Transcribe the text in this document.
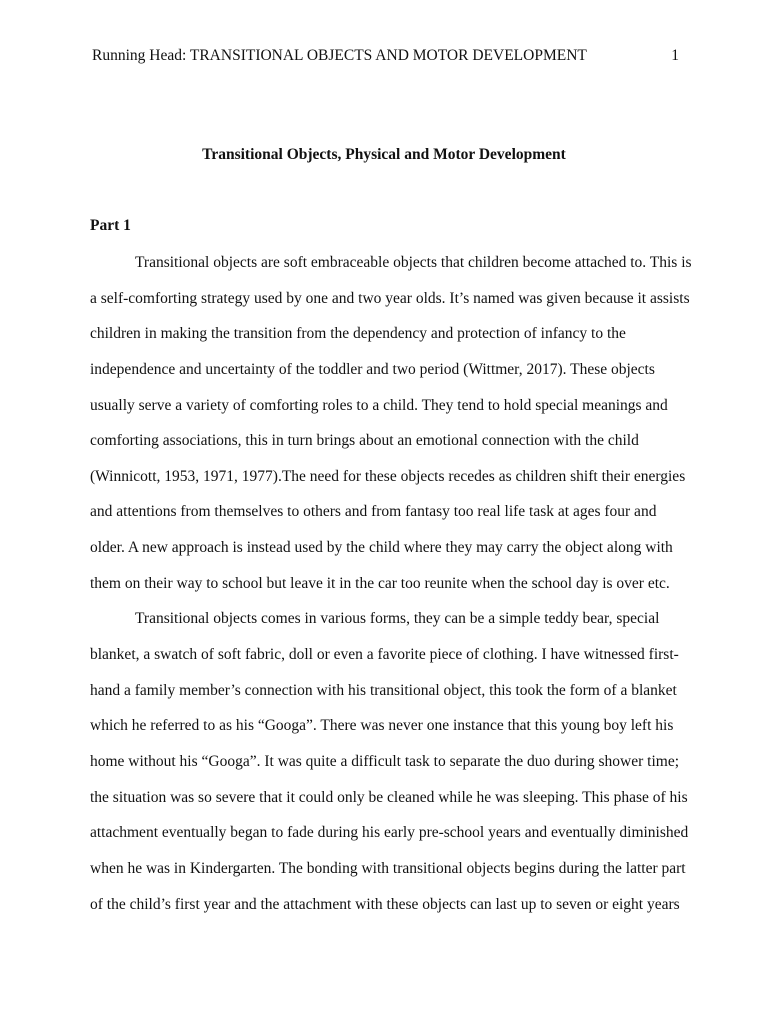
Running Head: TRANSITIONAL OBJECTS AND MOTOR DEVELOPMENT	1
Transitional Objects, Physical and Motor Development
Part 1
Transitional objects are soft embraceable objects that children become attached to. This is
a self-comforting strategy used by one and two year olds. It’s named was given because it assists
children in making the transition from the dependency and protection of infancy to the
independence and uncertainty of the toddler and two period (Wittmer, 2017). These objects
usually serve a variety of comforting roles to a child. They tend to hold special meanings and
comforting associations, this in turn brings about an emotional connection with the child
(Winnicott, 1953, 1971, 1977).The need for these objects recedes as children shift their energies
and attentions from themselves to others and from fantasy too real life task at ages four and
older. A new approach is instead used by the child where they may carry the object along with
them on their way to school but leave it in the car too reunite when the school day is over etc.
Transitional objects comes in various forms, they can be a simple teddy bear, special
blanket, a swatch of soft fabric, doll or even a favorite piece of clothing. I have witnessed first-
hand a family member’s connection with his transitional object, this took the form of a blanket
which he referred to as his “Googa”. There was never one instance that this young boy left his
home without his “Googa”. It was quite a difficult task to separate the duo during shower time;
the situation was so severe that it could only be cleaned while he was sleeping. This phase of his
attachment eventually began to fade during his early pre-school years and eventually diminished
when he was in Kindergarten. The bonding with transitional objects begins during the latter part
of the child’s first year and the attachment with these objects can last up to seven or eight years
